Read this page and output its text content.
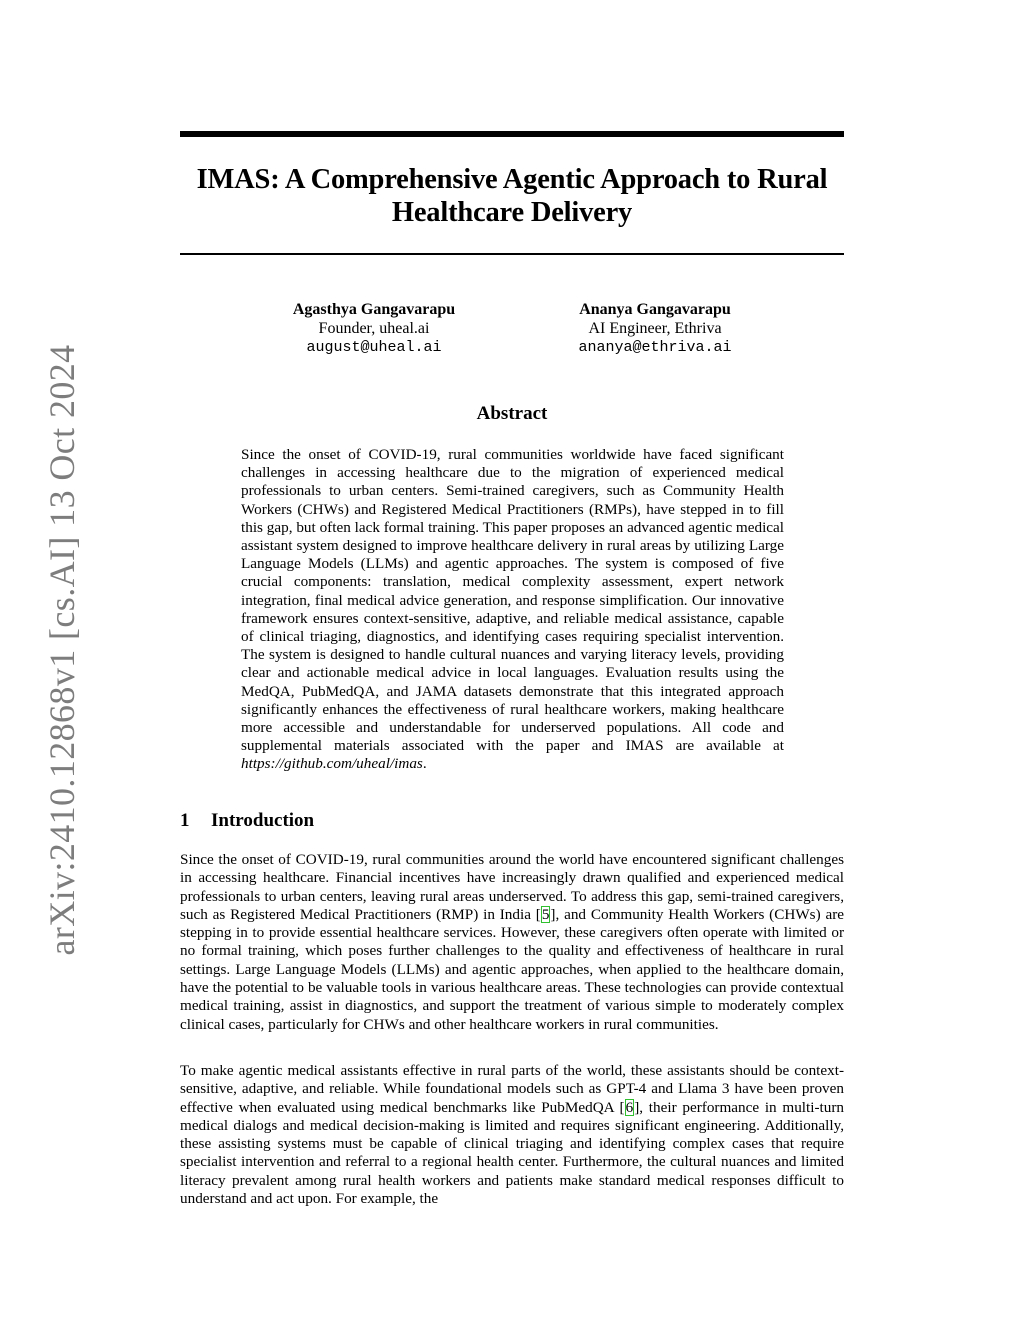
arXiv:2410.12868v1 [cs.AI] 13 Oct 2024
IMAS: A Comprehensive Agentic Approach to Rural Healthcare Delivery
Agasthya Gangavarapu
Founder, uheal.ai
august@uheal.ai
Ananya Gangavarapu
AI Engineer, Ethriva
ananya@ethriva.ai
Abstract
Since the onset of COVID-19, rural communities worldwide have faced significant challenges in accessing healthcare due to the migration of experienced medical professionals to urban centers. Semi-trained caregivers, such as Community Health Workers (CHWs) and Registered Medical Practitioners (RMPs), have stepped in to fill this gap, but often lack formal training. This paper proposes an advanced agentic medical assistant system designed to improve healthcare delivery in rural areas by utilizing Large Language Models (LLMs) and agentic approaches. The system is composed of five crucial components: translation, medical complexity assessment, expert network integration, final medical advice generation, and response simplification. Our innovative framework ensures context-sensitive, adaptive, and reliable medical assistance, capable of clinical triaging, diagnostics, and identifying cases requiring specialist intervention. The system is designed to handle cultural nuances and varying literacy levels, providing clear and actionable medical advice in local languages. Evaluation results using the MedQA, PubMedQA, and JAMA datasets demonstrate that this integrated approach significantly enhances the effectiveness of rural healthcare workers, making healthcare more accessible and understandable for underserved populations. All code and supplemental materials associated with the paper and IMAS are available at https://github.com/uheal/imas.
1 Introduction
Since the onset of COVID-19, rural communities around the world have encountered significant challenges in accessing healthcare. Financial incentives have increasingly drawn qualified and experienced medical professionals to urban centers, leaving rural areas underserved. To address this gap, semi-trained caregivers, such as Registered Medical Practitioners (RMP) in India [5], and Community Health Workers (CHWs) are stepping in to provide essential healthcare services. However, these caregivers often operate with limited or no formal training, which poses further challenges to the quality and effectiveness of healthcare in rural settings. Large Language Models (LLMs) and agentic approaches, when applied to the healthcare domain, have the potential to be valuable tools in various healthcare areas. These technologies can provide contextual medical training, assist in diagnostics, and support the treatment of various simple to moderately complex clinical cases, particularly for CHWs and other healthcare workers in rural communities.
To make agentic medical assistants effective in rural parts of the world, these assistants should be context-sensitive, adaptive, and reliable. While foundational models such as GPT-4 and Llama 3 have been proven effective when evaluated using medical benchmarks like PubMedQA [6], their performance in multi-turn medical dialogs and medical decision-making is limited and requires significant engineering. Additionally, these assisting systems must be capable of clinical triaging and identifying complex cases that require specialist intervention and referral to a regional health center. Furthermore, the cultural nuances and limited literacy prevalent among rural health workers and patients make standard medical responses difficult to understand and act upon. For example, the
